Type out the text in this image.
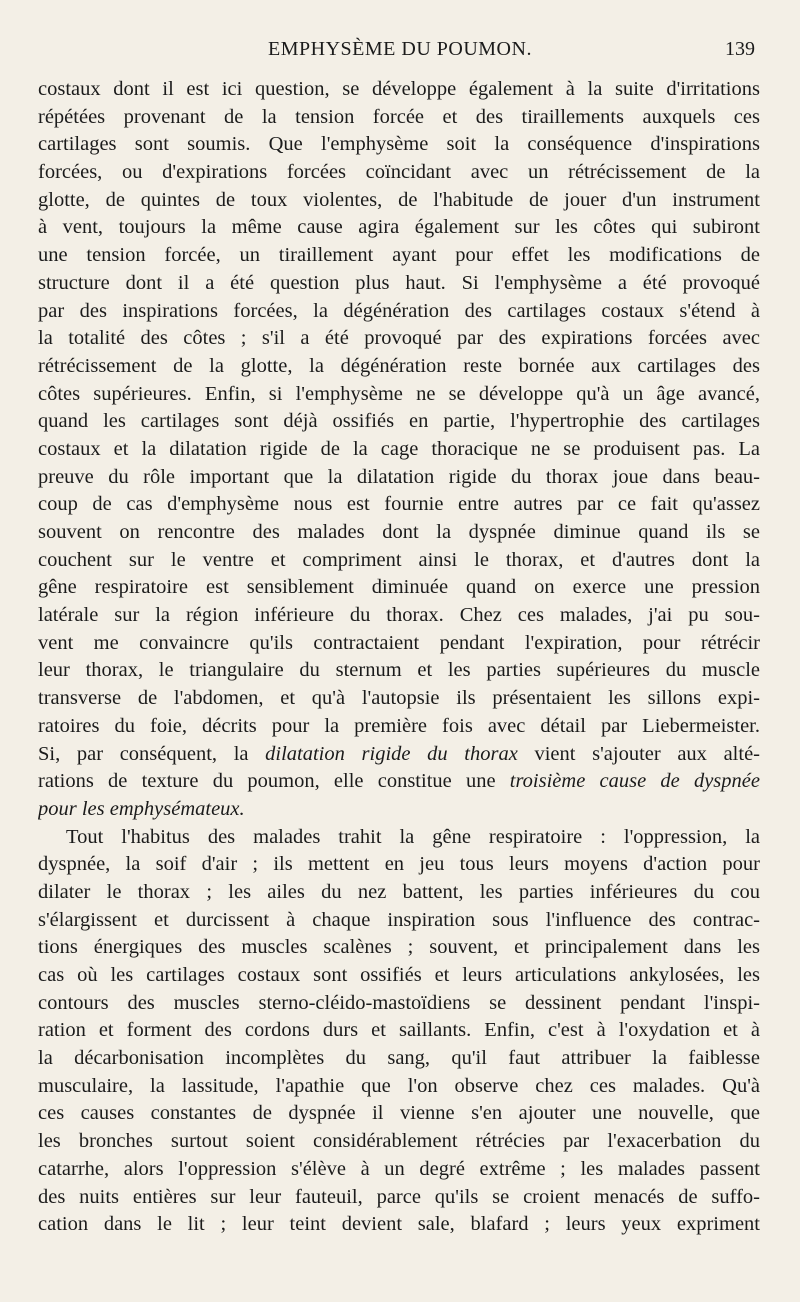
EMPHYSÈME DU POUMON.	139
costaux dont il est ici question, se développe également à la suite d'irritations
répétées provenant de la tension forcée et des tiraillements auxquels ces
cartilages sont soumis. Que l'emphysème soit la conséquence d'inspirations
forcées, ou d'expirations forcées coïncidant avec un rétrécissement de la
glotte, de quintes de toux violentes, de l'habitude de jouer d'un instrument
à vent, toujours la même cause agira également sur les côtes qui subiront
une tension forcée, un tiraillement ayant pour effet les modifications de
structure dont il a été question plus haut. Si l'emphysème a été provoqué
par des inspirations forcées, la dégénération des cartilages costaux s'étend à
la totalité des côtes ; s'il a été provoqué par des expirations forcées avec
rétrécissement de la glotte, la dégénération reste bornée aux cartilages des
côtes supérieures. Enfin, si l'emphysème ne se développe qu'à un âge avancé,
quand les cartilages sont déjà ossifiés en partie, l'hypertrophie des cartilages
costaux et la dilatation rigide de la cage thoracique ne se produisent pas. La
preuve du rôle important que la dilatation rigide du thorax joue dans beau-
coup de cas d'emphysème nous est fournie entre autres par ce fait qu'assez
souvent on rencontre des malades dont la dyspnée diminue quand ils se
couchent sur le ventre et compriment ainsi le thorax, et d'autres dont la
gêne respiratoire est sensiblement diminuée quand on exerce une pression
latérale sur la région inférieure du thorax. Chez ces malades, j'ai pu sou-
vent me convaincre qu'ils contractaient pendant l'expiration, pour rétrécir
leur thorax, le triangulaire du sternum et les parties supérieures du muscle
transverse de l'abdomen, et qu'à l'autopsie ils présentaient les sillons expi-
ratoires du foie, décrits pour la première fois avec détail par Liebermeister.
Si, par conséquent, la dilatation rigide du thorax vient s'ajouter aux alté-
rations de texture du poumon, elle constitue une troisième cause de dyspnée
pour les emphysémateux.
Tout l'habitus des malades trahit la gêne respiratoire : l'oppression, la
dyspnée, la soif d'air ; ils mettent en jeu tous leurs moyens d'action pour
dilater le thorax ; les ailes du nez battent, les parties inférieures du cou
s'élargissent et durcissent à chaque inspiration sous l'influence des contrac-
tions énergiques des muscles scalènes ; souvent, et principalement dans les
cas où les cartilages costaux sont ossifiés et leurs articulations ankylosées, les
contours des muscles sterno-cléido-mastoïdiens se dessinent pendant l'inspi-
ration et forment des cordons durs et saillants. Enfin, c'est à l'oxydation et à
la décarbonisation incomplètes du sang, qu'il faut attribuer la faiblesse
musculaire, la lassitude, l'apathie que l'on observe chez ces malades. Qu'à
ces causes constantes de dyspnée il vienne s'en ajouter une nouvelle, que
les bronches surtout soient considérablement rétrécies par l'exacerbation du
catarrhe, alors l'oppression s'élève à un degré extrême ; les malades passent
des nuits entières sur leur fauteuil, parce qu'ils se croient menacés de suffo-
cation dans le lit ; leur teint devient sale, blafard ; leurs yeux expriment
